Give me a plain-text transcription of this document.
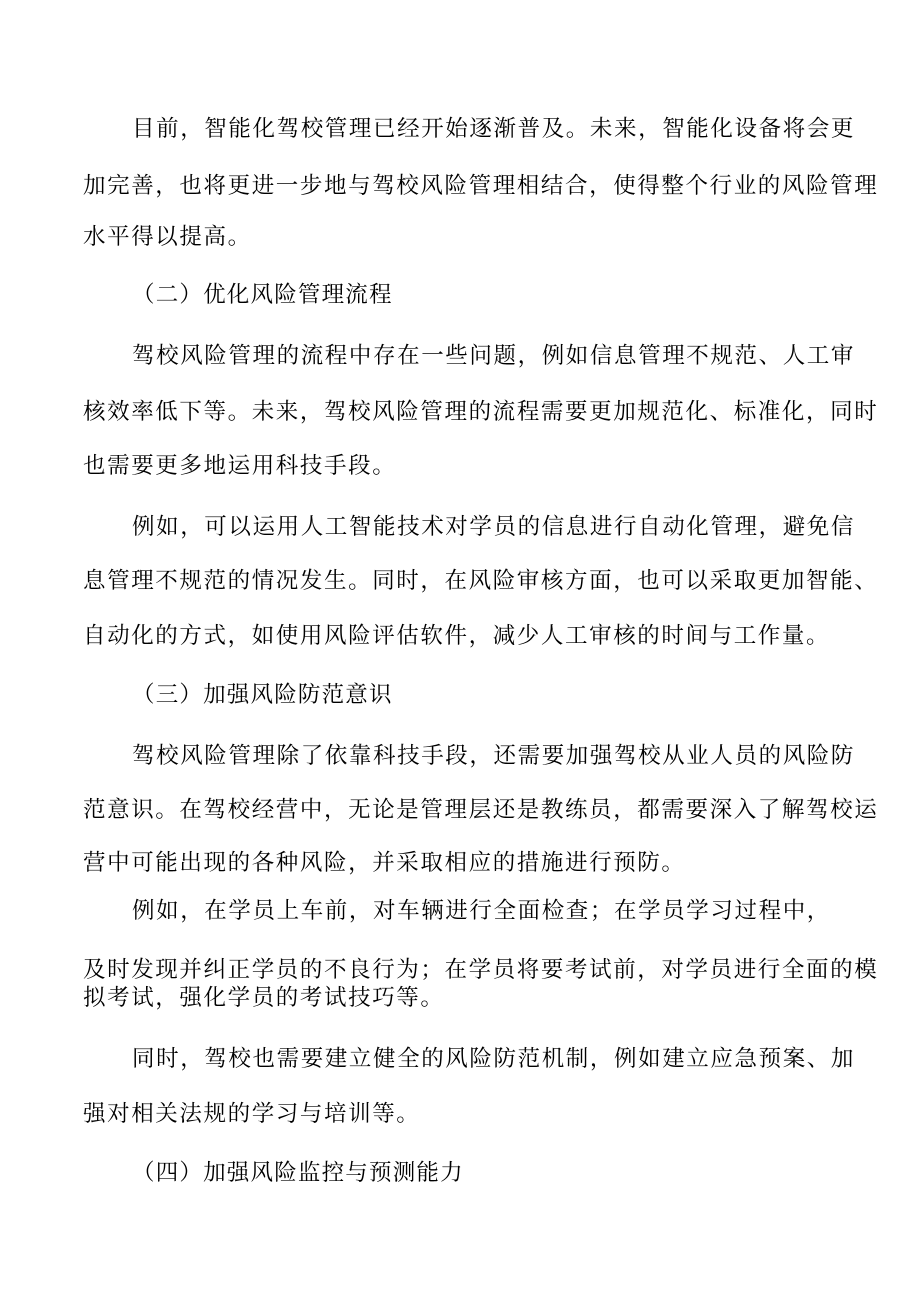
目前，智能化驾校管理已经开始逐渐普及。未来，智能化设备将会更
加完善，也将更进一步地与驾校风险管理相结合，使得整个行业的风险管理
水平得以提高。
（二）优化风险管理流程
驾校风险管理的流程中存在一些问题，例如信息管理不规范、人工审
核效率低下等。未来，驾校风险管理的流程需要更加规范化、标准化，同时
也需要更多地运用科技手段。
例如，可以运用人工智能技术对学员的信息进行自动化管理，避免信
息管理不规范的情况发生。同时，在风险审核方面，也可以采取更加智能、
自动化的方式，如使用风险评估软件，减少人工审核的时间与工作量。
（三）加强风险防范意识
驾校风险管理除了依靠科技手段，还需要加强驾校从业人员的风险防
范意识。在驾校经营中，无论是管理层还是教练员，都需要深入了解驾校运
营中可能出现的各种风险，并采取相应的措施进行预防。
例如，在学员上车前，对车辆进行全面检查；在学员学习过程中，
及时发现并纠正学员的不良行为；在学员将要考试前，对学员进行全面的模
拟考试，强化学员的考试技巧等。
同时，驾校也需要建立健全的风险防范机制，例如建立应急预案、加
强对相关法规的学习与培训等。
（四）加强风险监控与预测能力
